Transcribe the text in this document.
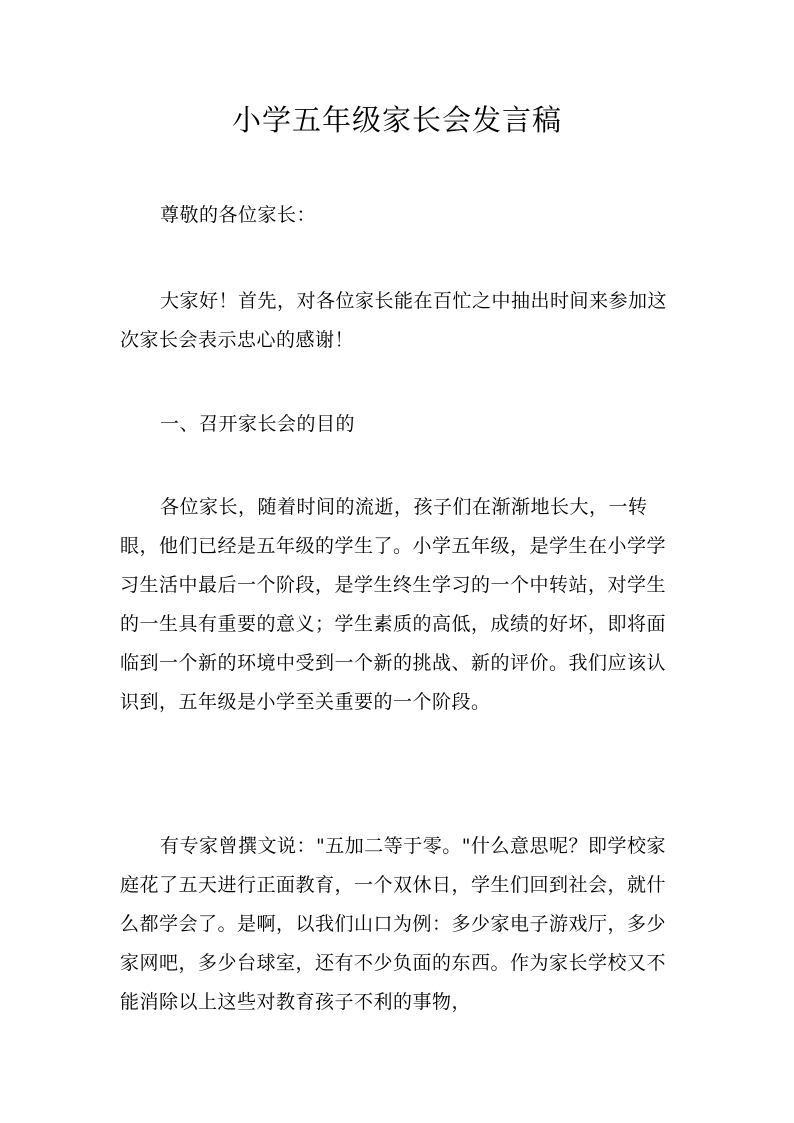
小学五年级家长会发言稿

尊敬的各位家长：

大家好！首先，对各位家长能在百忙之中抽出时间来参加这次家长会表示忠心的感谢！

一、召开家长会的目的

各位家长，随着时间的流逝，孩子们在渐渐地长大，一转眼，他们已经是五年级的学生了。小学五年级，是学生在小学学习生活中最后一个阶段，是学生终生学习的一个中转站，对学生的一生具有重要的意义；学生素质的高低，成绩的好坏，即将面临到一个新的环境中受到一个新的挑战、新的评价。我们应该认识到，五年级是小学至关重要的一个阶段。

有专家曾撰文说："五加二等于零。"什么意思呢？即学校家庭花了五天进行正面教育，一个双休日，学生们回到社会，就什么都学会了。是啊，以我们山口为例：多少家电子游戏厅，多少家网吧，多少台球室，还有不少负面的东西。作为家长学校又不能消除以上这些对教育孩子不利的事物，
